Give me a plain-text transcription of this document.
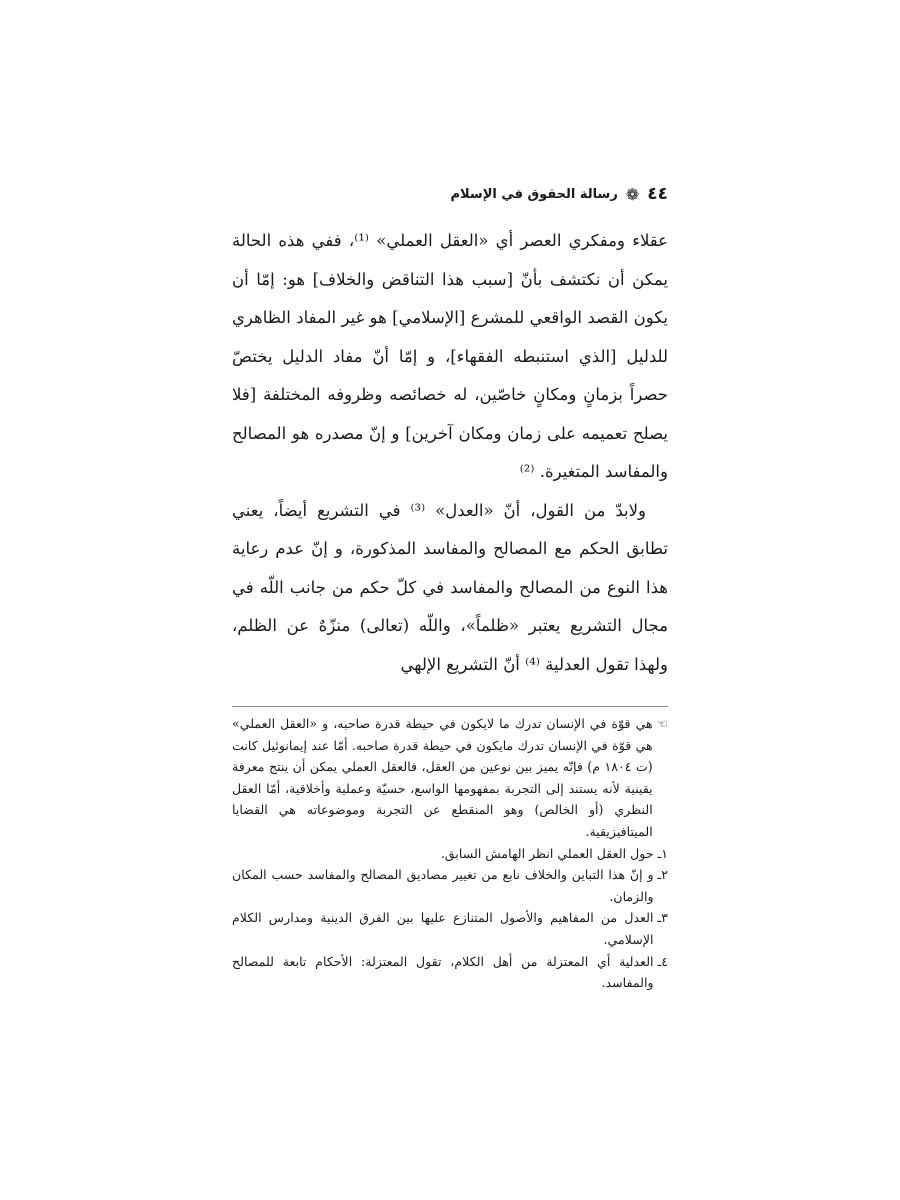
٤٤
❁
رسالة الحقوق في الإسلام

عقلاء ومفكري العصر أي «العقل العملي» ⁽¹⁾، ففي هذه الحالة يمكن أن نكتشف بأنّ [سبب هذا التناقض والخلاف] هو: إمّا أن يكون القصد الواقعي للمشرع [الإسلامي] هو غير المفاد الظاهري للدليل [الذي استنبطه الفقهاء]، و إمّا أنّ مفاد الدليل يختصّ حصراً بزمانٍ ومكانٍ خاصّين، له خصائصه وظروفه المختلفة [فلا يصلح تعميمه على زمان ومكان آخرين] و إنّ مصدره هو المصالح والمفاسد المتغيرة. ⁽²⁾

ولابدّ من القول، أنّ «العدل» ⁽³⁾ في التشريع أيضاً، يعني تطابق الحكم مع المصالح والمفاسد المذكورة، و إنّ عدم رعاية هذا النوع من المصالح والمفاسد في كلّ حكم من جانب اللّه في مجال التشريع يعتبر «ظلماً»، واللّه (تعالى) منزّهٌ عن الظلم، ولهذا تقول العدلية ⁽⁴⁾ أنّ التشريع الإلهي

☜
هي قوّة في الإنسان تدرك ما لايكون في حيطة قدرة صاحبه، و «العقل العملي» هي قوّة في الإنسان تدرك مايكون في حيطة قدرة صاحبه. أمّا عند إيمانوئيل كانت (ت ١٨٠٤ م) فإنّه يميز بين نوعين من العقل، فالعقل العملي يمكن أن ينتج معرفة يقينية لأنه يستند إلى التجربة بمفهومها الواسع، حسيّة وعملية وأخلاقية، أمّا العقل النظري (أو الخالص) وهو المنقطع عن التجربة وموضوعاته هي القضايا الميتافيزيقية.
١ـ
حول العقل العملي انظر الهامش السابق.
٢ـ
و إنّ هذا التباين والخلاف نابع من تغيير مصاديق المصالح والمفاسد حسب المكان والزمان.
٣ـ
العدل من المفاهيم والأصول المتنازع عليها بين الفرق الدينية ومدارس الكلام الإسلامي.
٤ـ
العدلية أي المعتزلة من أهل الكلام، تقول المعتزلة: الأحكام تابعة للمصالح والمفاسد.
